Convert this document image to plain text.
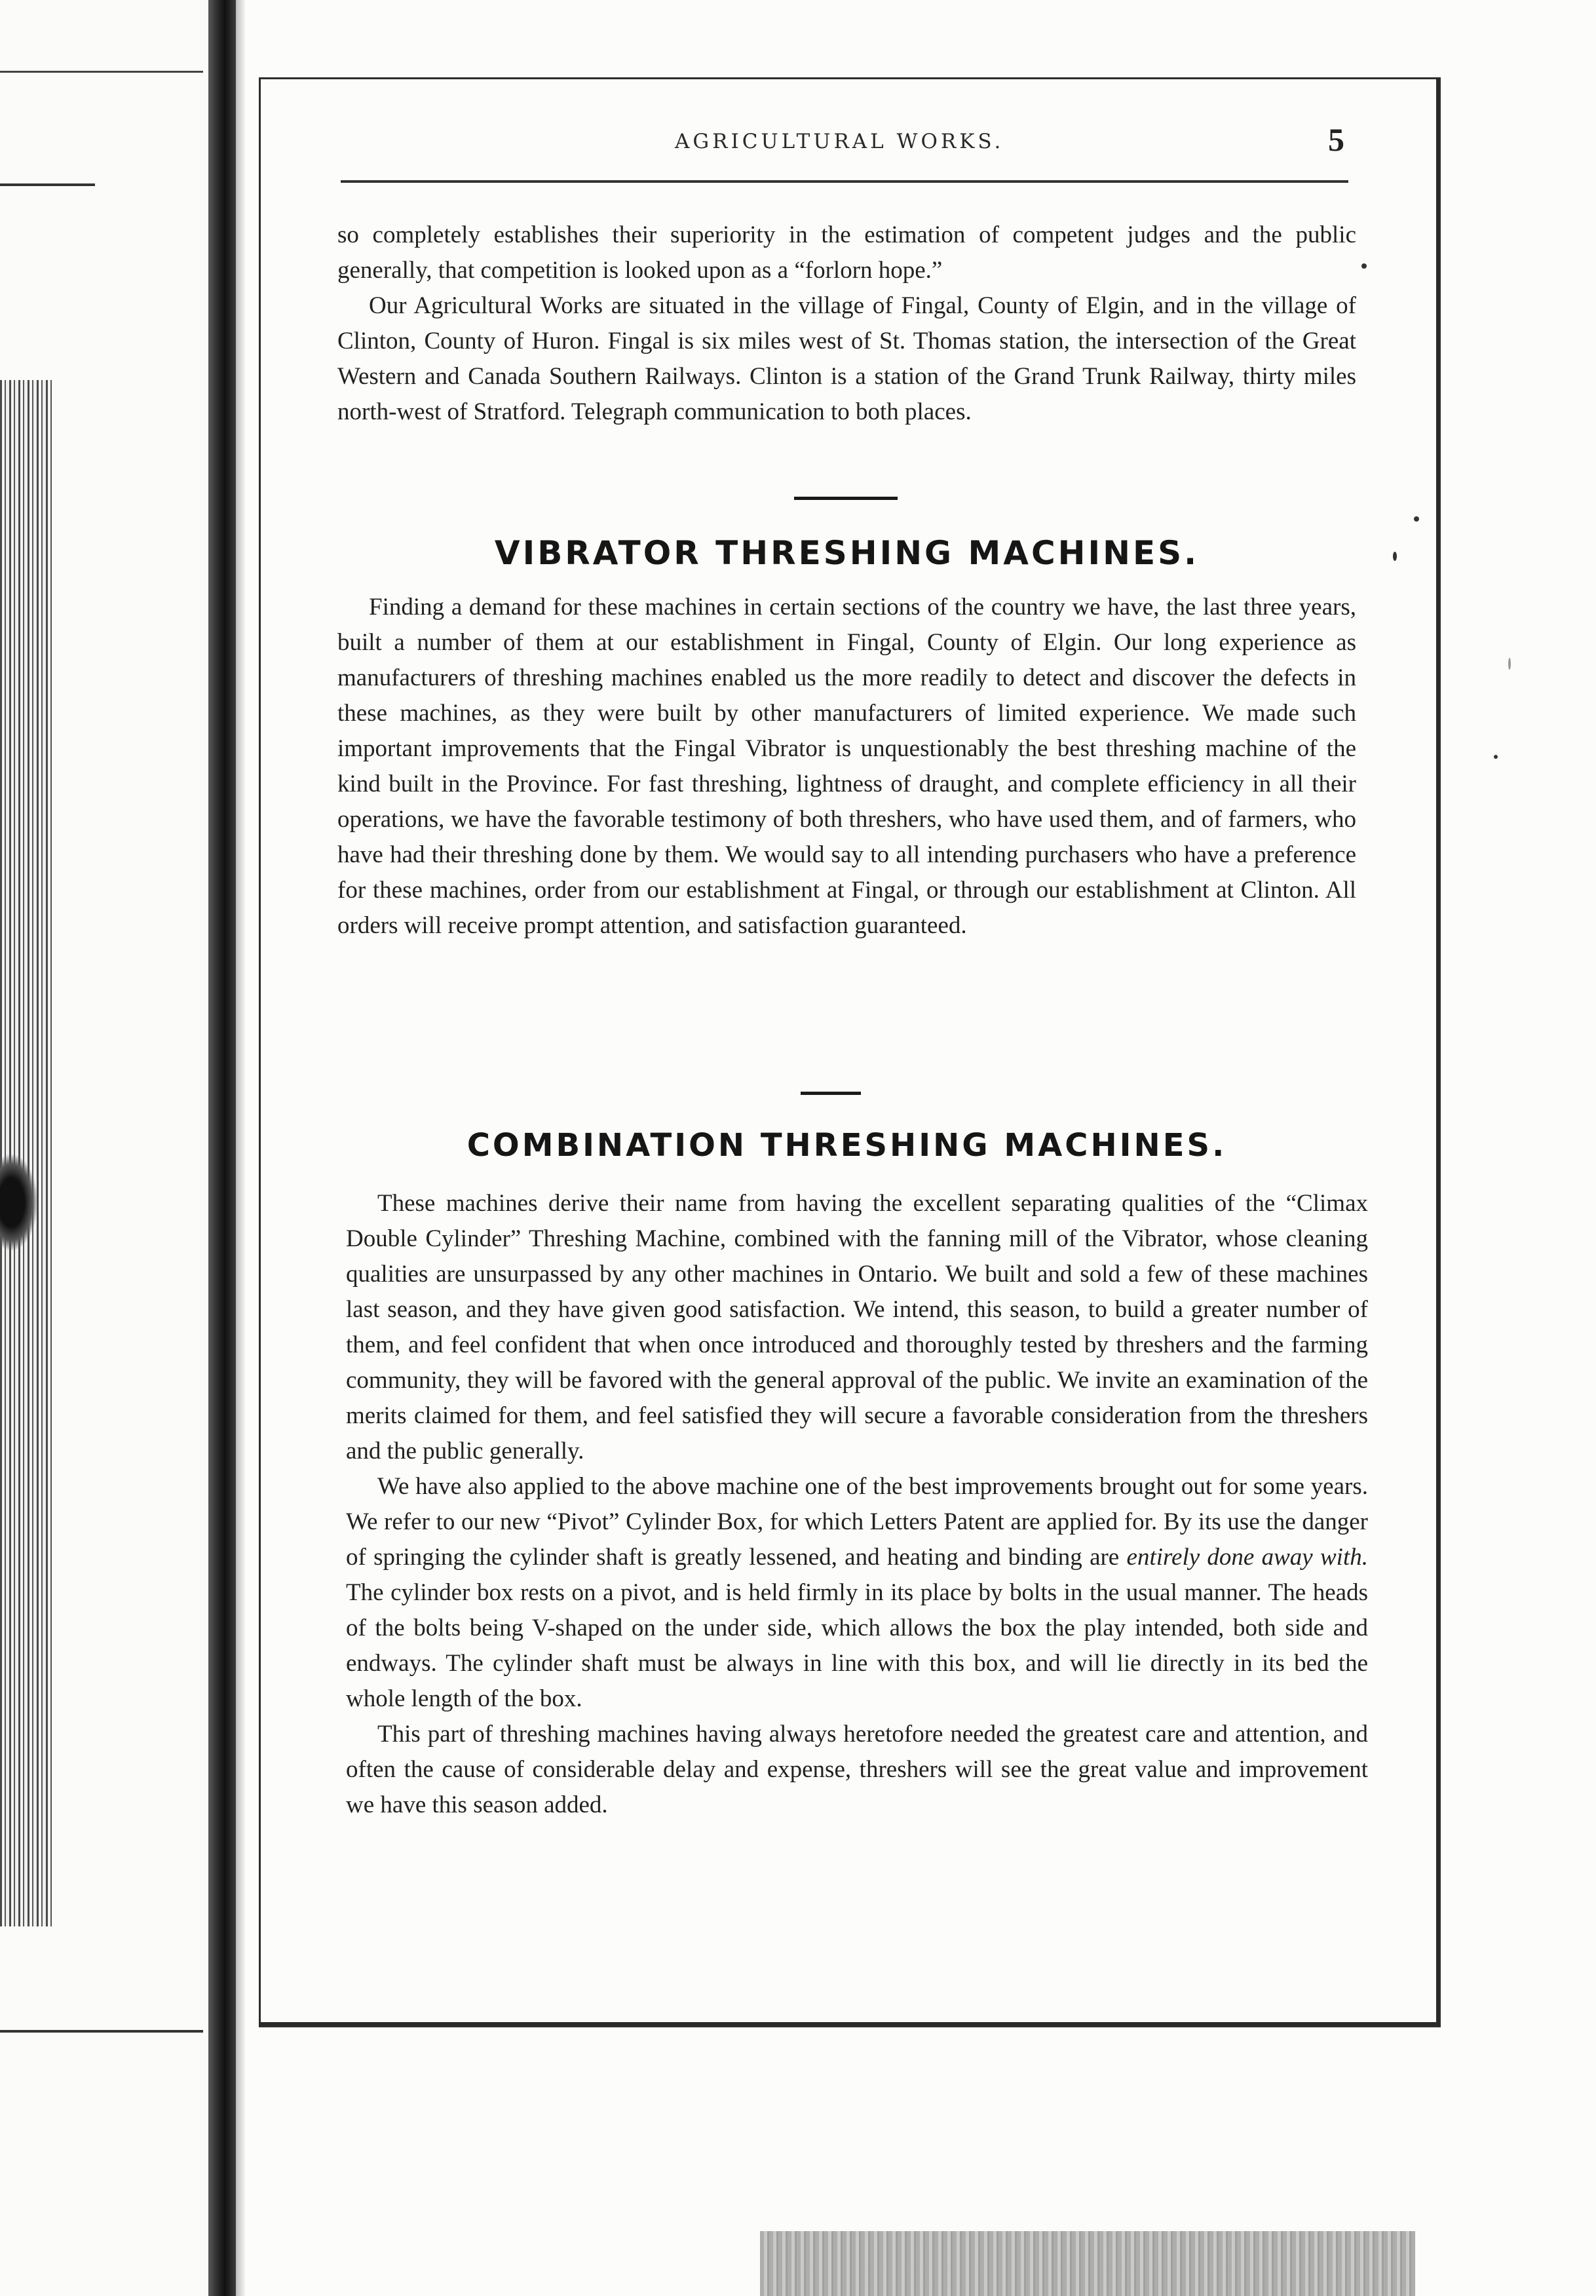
AGRICULTURAL WORKS.	5

so completely establishes their superiority in the estimation of competent judges and the public generally, that competition is looked upon as a “forlorn hope.”

Our Agricultural Works are situated in the village of Fingal, County of Elgin, and in the village of Clinton, County of Huron. Fingal is six miles west of St. Thomas station, the intersection of the Great Western and Canada Southern Railways. Clinton is a station of the Grand Trunk Railway, thirty miles north-west of Stratford. Telegraph communication to both places.

VIBRATOR THRESHING MACHINES.

Finding a demand for these machines in certain sections of the country we have, the last three years, built a number of them at our establishment in Fingal, County of Elgin. Our long experience as manufacturers of threshing machines enabled us the more readily to detect and discover the defects in these machines, as they were built by other manufacturers of limited experience. We made such important improvements that the Fingal Vibrator is unquestionably the best threshing machine of the kind built in the Province. For fast threshing, lightness of draught, and complete efficiency in all their operations, we have the favorable testimony of both threshers, who have used them, and of farmers, who have had their threshing done by them. We would say to all intending purchasers who have a preference for these machines, order from our establishment at Fingal, or through our establishment at Clinton. All orders will receive prompt attention, and satisfaction guaranteed.

COMBINATION THRESHING MACHINES.

These machines derive their name from having the excellent separating qualities of the “Climax Double Cylinder” Threshing Machine, combined with the fanning mill of the Vibrator, whose cleaning qualities are unsurpassed by any other machines in Ontario. We built and sold a few of these machines last season, and they have given good satisfaction. We intend, this season, to build a greater number of them, and feel confident that when once introduced and thoroughly tested by threshers and the farming community, they will be favored with the general approval of the public. We invite an examination of the merits claimed for them, and feel satisfied they will secure a favorable consideration from the threshers and the public generally.

We have also applied to the above machine one of the best improvements brought out for some years. We refer to our new “Pivot” Cylinder Box, for which Letters Patent are applied for. By its use the danger of springing the cylinder shaft is greatly lessened, and heating and binding are entirely done away with. The cylinder box rests on a pivot, and is held firmly in its place by bolts in the usual manner. The heads of the bolts being V-shaped on the under side, which allows the box the play intended, both side and endways. The cylinder shaft must be always in line with this box, and will lie directly in its bed the whole length of the box.

This part of threshing machines having always heretofore needed the greatest care and attention, and often the cause of considerable delay and expense, threshers will see the great value and improvement we have this season added.
